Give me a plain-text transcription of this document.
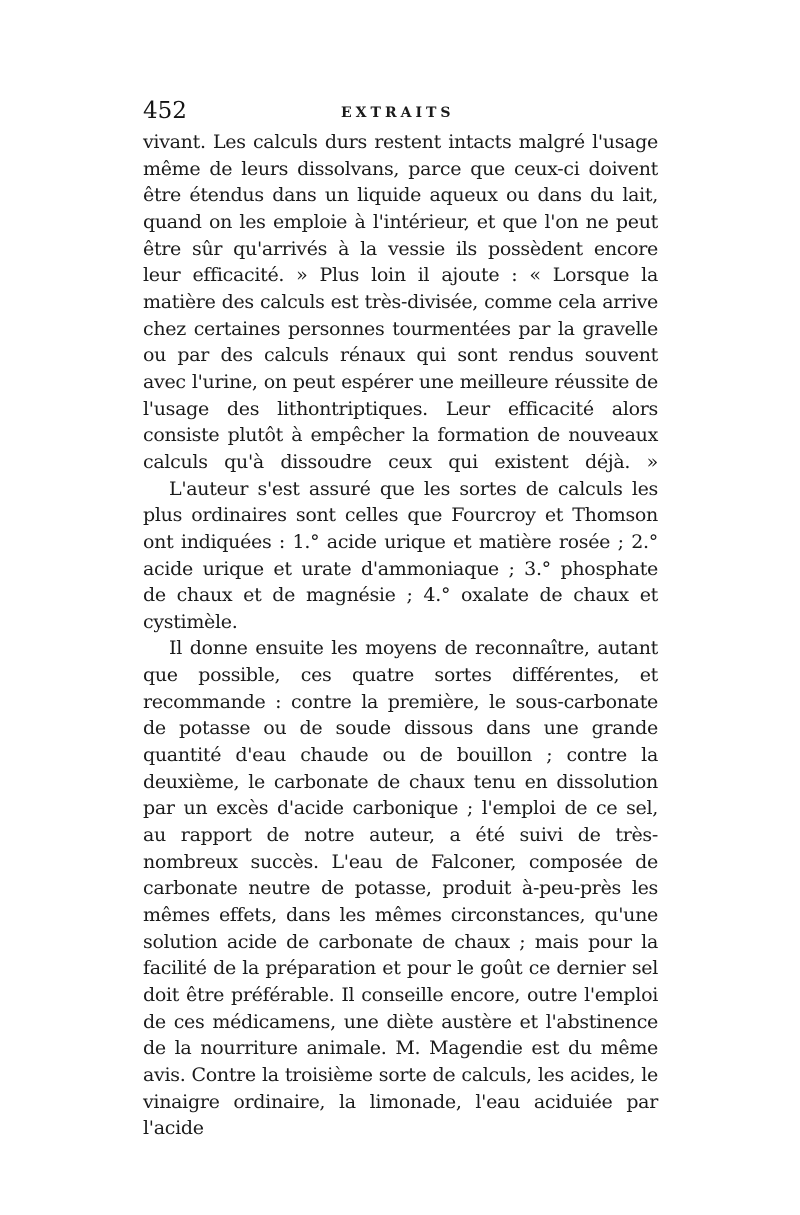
452	EXTRAITS

vivant. Les calculs durs restent intacts malgré l'usage même de leurs dissolvans, parce que ceux-ci doivent être étendus dans un liquide aqueux ou dans du lait, quand on les emploie à l'intérieur, et que l'on ne peut être sûr qu'arrivés à la vessie ils possèdent encore leur efficacité. » Plus loin il ajoute : « Lorsque la matière des calculs est très-divisée, comme cela arrive chez certaines personnes tourmentées par la gravelle ou par des calculs rénaux qui sont rendus souvent avec l'urine, on peut espérer une meilleure réussite de l'usage des lithontriptiques. Leur efficacité alors consiste plutôt à empêcher la formation de nouveaux calculs qu'à dissoudre ceux qui existent déjà. »

L'auteur s'est assuré que les sortes de calculs les plus ordinaires sont celles que Fourcroy et Thomson ont indiquées : 1.° acide urique et matière rosée ; 2.° acide urique et urate d'ammoniaque ; 3.° phosphate de chaux et de magnésie ; 4.° oxalate de chaux et cystimèle.

Il donne ensuite les moyens de reconnaître, autant que possible, ces quatre sortes différentes, et recommande : contre la première, le sous-carbonate de potasse ou de soude dissous dans une grande quantité d'eau chaude ou de bouillon ; contre la deuxième, le carbonate de chaux tenu en dissolution par un excès d'acide carbonique ; l'emploi de ce sel, au rapport de notre auteur, a été suivi de très-nombreux succès. L'eau de Falconer, composée de carbonate neutre de potasse, produit à-peu-près les mêmes effets, dans les mêmes circonstances, qu'une solution acide de carbonate de chaux ; mais pour la facilité de la préparation et pour le goût ce dernier sel doit être préférable. Il conseille encore, outre l'emploi de ces médicamens, une diète austère et l'abstinence de la nourriture animale. M. Magendie est du même avis. Contre la troisième sorte de calculs, les acides, le vinaigre ordinaire, la limonade, l'eau aciduiée par l'acide
